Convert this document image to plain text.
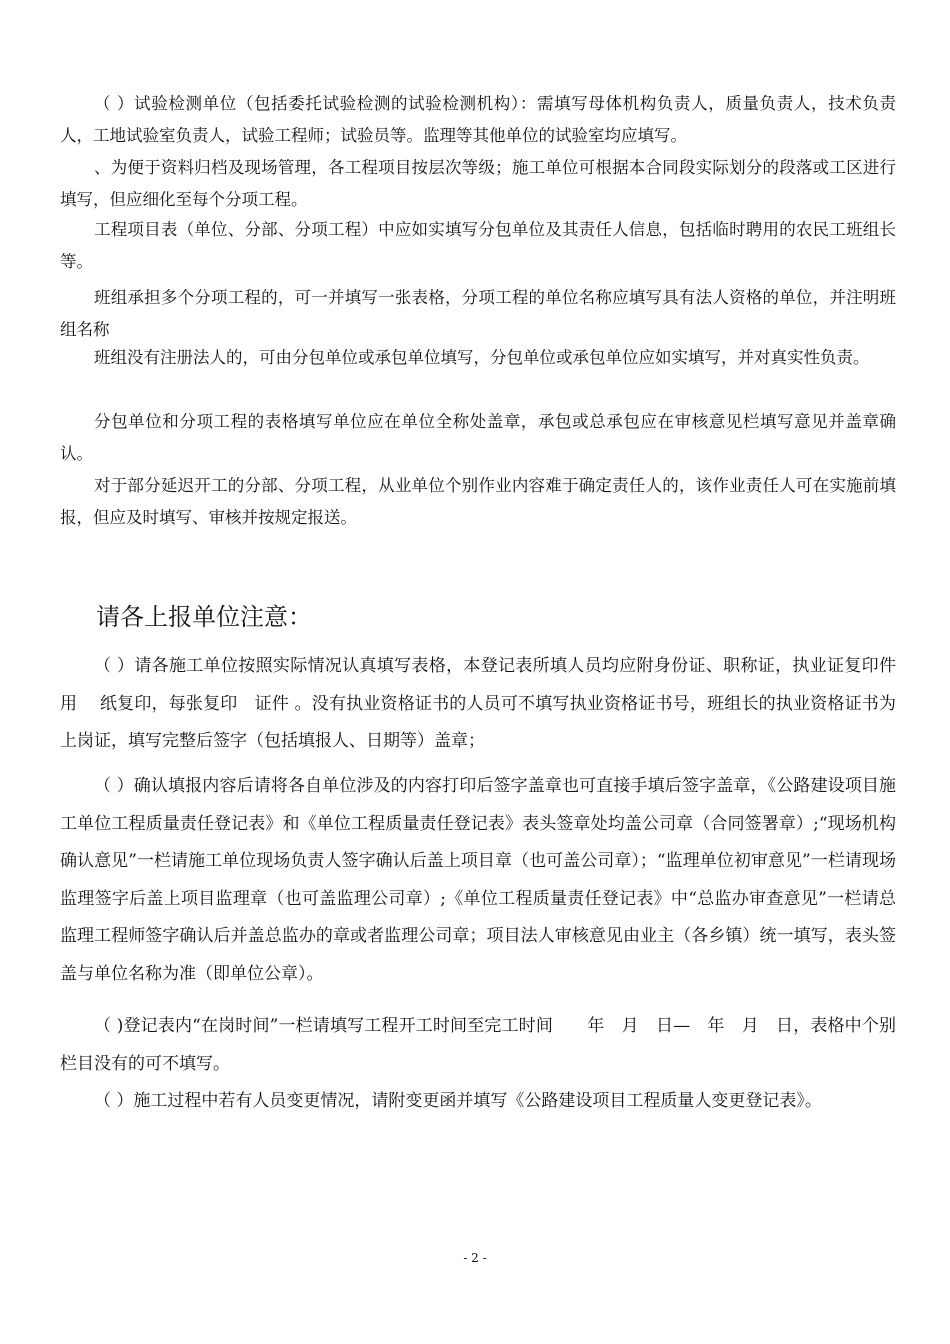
（ ）试验检测单位（包括委托试验检测的试验检测机构）：需填写母体机构负责人，质量负责人，技术负责人，工地试验室负责人，试验工程师；试验员等。监理等其他单位的试验室均应填写。

、为便于资料归档及现场管理，各工程项目按层次等级；施工单位可根据本合同段实际划分的段落或工区进行填写，但应细化至每个分项工程。

工程项目表（单位、分部、分项工程）中应如实填写分包单位及其责任人信息，包括临时聘用的农民工班组长等。

班组承担多个分项工程的，可一并填写一张表格，分项工程的单位名称应填写具有法人资格的单位，并注明班组名称

班组没有注册法人的，可由分包单位或承包单位填写，分包单位或承包单位应如实填写，并对真实性负责。

分包单位和分项工程的表格填写单位应在单位全称处盖章，承包或总承包应在审核意见栏填写意见并盖章确认。

对于部分延迟开工的分部、分项工程，从业单位个别作业内容难于确定责任人的，该作业责任人可在实施前填报，但应及时填写、审核并按规定报送。

请各上报单位注意：

（ ）请各施工单位按照实际情况认真填写表格，本登记表所填人员均应附身份证、职称证，执业证复印件 用　 纸复印，每张复印　证件 。没有执业资格证书的人员可不填写执业资格证书号，班组长的执业资格证书为上岗证，填写完整后签字（包括填报人、日期等）盖章；

（ ）确认填报内容后请将各自单位涉及的内容打印后签字盖章也可直接手填后签字盖章，《公路建设项目施工单位工程质量责任登记表》和《单位工程质量责任登记表》表头签章处均盖公司章（合同签署章）;“现场机构确认意见”一栏请施工单位现场负责人签字确认后盖上项目章（也可盖公司章）；“监理单位初审意见”一栏请现场监理签字后盖上项目监理章（也可盖监理公司章）;《单位工程质量责任登记表》中“总监办审查意见”一栏请总监理工程师签字确认后并盖总监办的章或者监理公司章；项目法人审核意见由业主（各乡镇）统一填写，表头签盖与单位名称为准（即单位公章）。

（ )登记表内“在岗时间”一栏请填写工程开工时间至完工时间　　年　月　日—　年　月　日，表格中个别栏目没有的可不填写。

（ ）施工过程中若有人员变更情况，请附变更函并填写《公路建设项目工程质量人变更登记表》。

- 2 -
